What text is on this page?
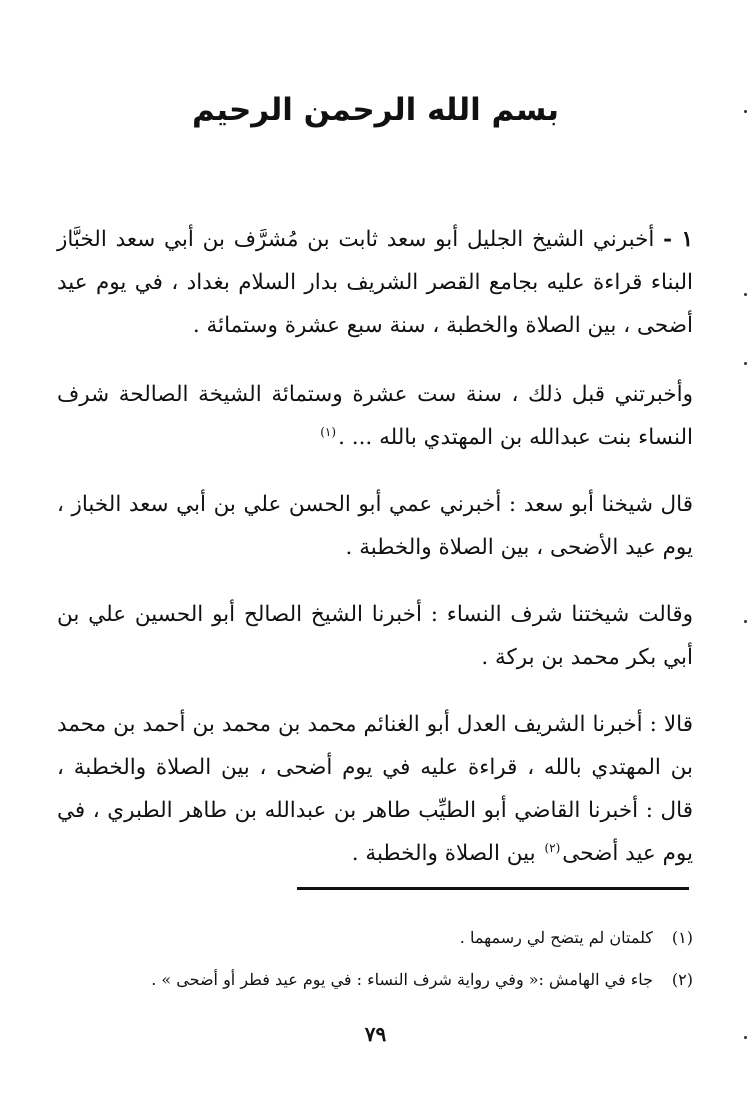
بسم الله الرحمن الرحيم

١ - أخبرني الشيخ الجليل أبو سعد ثابت بن مُشرَّف بن أبي سعد الخبَّاز البناء قراءة عليه بجامع القصر الشريف بدار السلام بغداد ، في يوم عيد أضحى ، بين الصلاة والخطبة ، سنة سبع عشرة وستمائة .

وأخبرتني قبل ذلك ، سنة ست عشرة وستمائة الشيخة الصالحة شرف النساء بنت عبدالله بن المهتدي بالله ... .$^{(١)}$

قال شيخنا أبو سعد : أخبرني عمي أبو الحسن علي بن أبي سعد الخباز ، يوم عيد الأضحى ، بين الصلاة والخطبة .

وقالت شيختنا شرف النساء : أخبرنا الشيخ الصالح أبو الحسين علي بن أبي بكر محمد بن بركة .

قالا : أخبرنا الشريف العدل أبو الغنائم محمد بن محمد بن أحمد بن محمد بن المهتدي بالله ، قراءة عليه في يوم أضحى ، بين الصلاة والخطبة ، قال : أخبرنا القاضي أبو الطيِّب طاهر بن عبدالله بن طاهر الطبري ، في يوم عيد أضحى$^{(٢)}$ بين الصلاة والخطبة .

(١)كلمتان لم يتضح لي رسمهما .

(٢)جاء في الهامش :« وفي رواية شرف النساء : في يوم عيد فطر أو أضحى » .

٧٩
